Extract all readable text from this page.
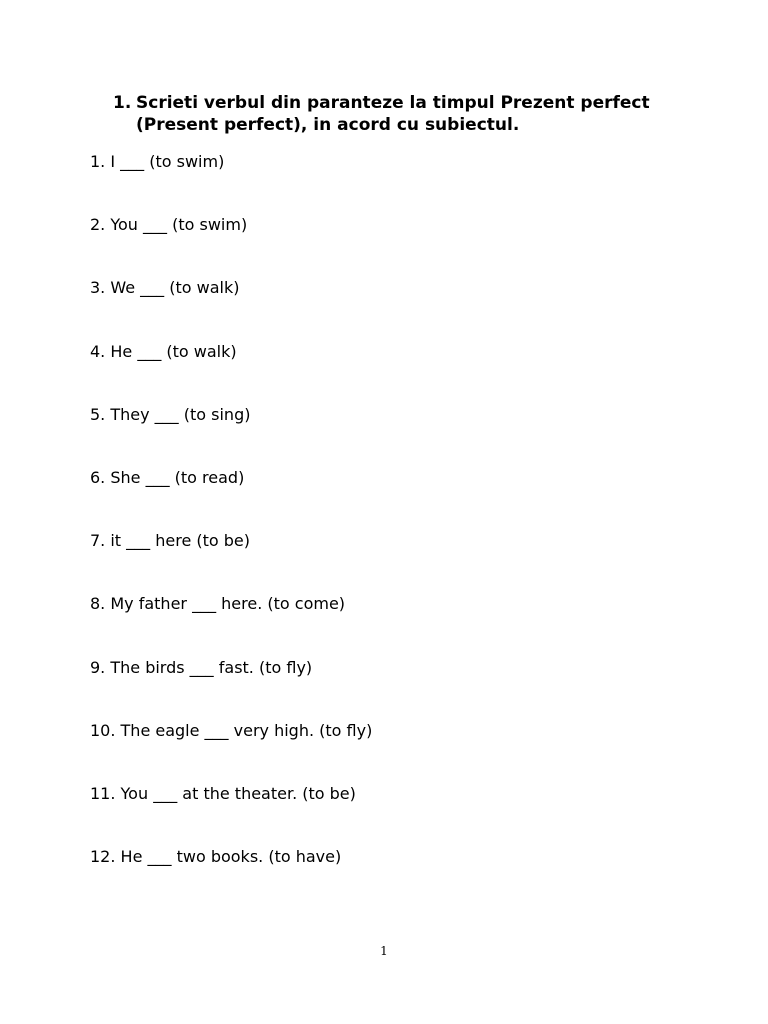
1. Scrieti verbul din paranteze la timpul Prezent perfect (Present perfect), in acord cu subiectul.
1. I ___ (to swim)
2. You ___ (to swim)
3. We ___ (to walk)
4. He ___ (to walk)
5. They ___ (to sing)
6. She ___ (to read)
7. it ___ here (to be)
8. My father ___ here. (to come)
9. The birds ___ fast. (to fly)
10. The eagle ___ very high. (to fly)
11. You ___ at the theater. (to be)
12. He ___ two books. (to have)
1
